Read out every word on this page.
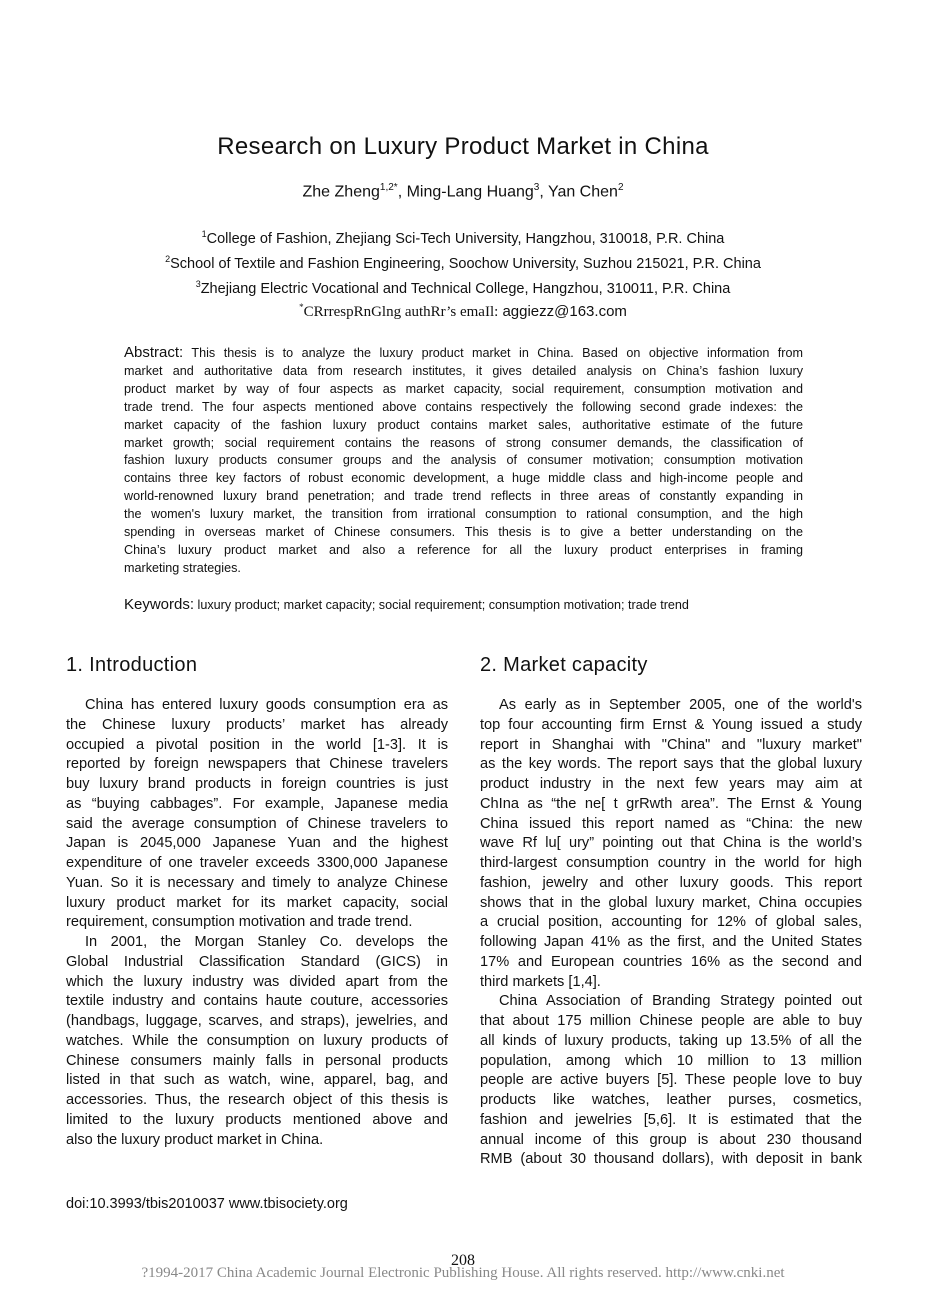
Research on Luxury Product Market in China
Zhe Zheng$^{1,2*}$, Ming-Lang Huang$^3$, Yan Chen$^2$
$^1$College of Fashion, Zhejiang Sci-Tech University, Hangzhou, 310018, P.R. China
$^2$School of Textile and Fashion Engineering, Soochow University, Suzhou 215021, P.R. China
$^3$Zhejiang Electric Vocational and Technical College, Hangzhou, 310011, P.R. China
*CRrrespRnGlng authRr’s emaIl: aggiezz@163.com
Abstract: This thesis is to analyze the luxury product market in China. Based on objective information from
market and authoritative data from research institutes, it gives detailed analysis on China’s fashion luxury
product market by way of four aspects as market capacity, social requirement, consumption motivation and
trade trend. The four aspects mentioned above contains respectively the following second grade indexes: the
market capacity of the fashion luxury product contains market sales, authoritative estimate of the future
market growth; social requirement contains the reasons of strong consumer demands, the classification of
fashion luxury products consumer groups and the analysis of consumer motivation; consumption motivation
contains three key factors of robust economic development, a huge middle class and high-income people and
world-renowned luxury brand penetration; and trade trend reflects in three areas of constantly expanding in
the women's luxury market, the transition from irrational consumption to rational consumption, and the high
spending in overseas market of Chinese consumers. This thesis is to give a better understanding on the
China’s luxury product market and also a reference for all the luxury product enterprises in framing
marketing strategies.
Keywords: luxury product; market capacity; social requirement; consumption motivation; trade trend
1. Introduction	2. Market capacity
China has entered luxury goods consumption era as
the Chinese luxury products’ market has already
occupied a pivotal position in the world [1-3]. It is
reported by foreign newspapers that Chinese travelers
buy luxury brand products in foreign countries is just
as “buying cabbages”. For example, Japanese media
said the average consumption of Chinese travelers to
Japan is 2045,000 Japanese Yuan and the highest
expenditure of one traveler exceeds 3300,000 Japanese
Yuan. So it is necessary and timely to analyze Chinese
luxury product market for its market capacity, social
requirement, consumption motivation and trade trend.
In 2001, the Morgan Stanley Co. develops the
Global Industrial Classification Standard (GICS) in
which the luxury industry was divided apart from the
textile industry and contains haute couture, accessories
(handbags, luggage, scarves, and straps), jewelries, and
watches. While the consumption on luxury products of
Chinese consumers mainly falls in personal products
listed in that such as watch, wine, apparel, bag, and
accessories. Thus, the research object of this thesis is
limited to the luxury products mentioned above and
also the luxury product market in China.
As early as in September 2005, one of the world's
top four accounting firm Ernst & Young issued a study
report in Shanghai with "China" and "luxury market"
as the key words. The report says that the global luxury
product industry in the next few years may aim at
ChIna as “the ne[ t grRwth area”. The Ernst & Young
China issued this report named as “China: the new
wave Rf lu[ ury” pointing out that China is the world’s
third-largest consumption country in the world for high
fashion, jewelry and other luxury goods. This report
shows that in the global luxury market, China occupies
a crucial position, accounting for 12% of global sales,
following Japan 41% as the first, and the United States
17% and European countries 16% as the second and
third markets [1,4].
China Association of Branding Strategy pointed out
that about 175 million Chinese people are able to buy
all kinds of luxury products, taking up 13.5% of all the
population, among which 10 million to 13 million
people are active buyers [5]. These people love to buy
products like watches, leather purses, cosmetics,
fashion and jewelries [5,6]. It is estimated that the
annual income of this group is about 230 thousand
RMB (about 30 thousand dollars), with deposit in bank
doi:10.3993/tbis2010037 www.tbisociety.org
208
?1994-2017 China Academic Journal Electronic Publishing House. All rights reserved. http://www.cnki.net
